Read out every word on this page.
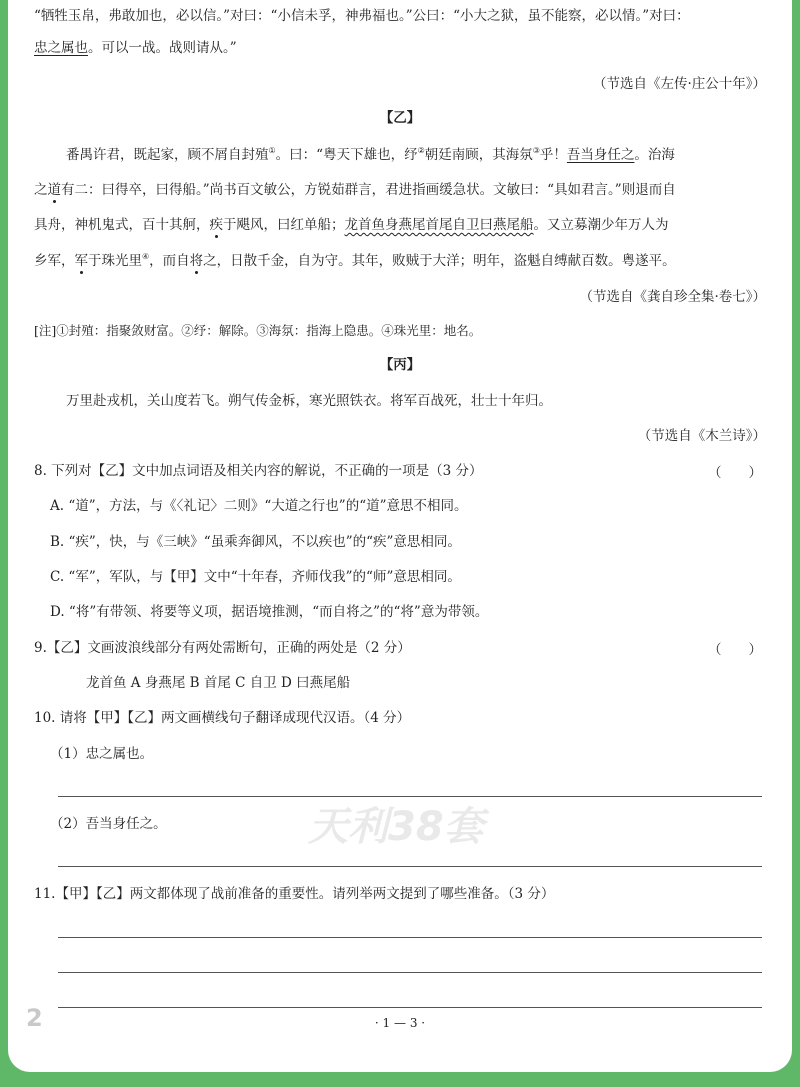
“牺牲玉帛，弗敢加也，必以信。”对曰：“小信未孚，神弗福也。”公曰：“小大之狱，虽不能察，必以情。”对曰：
忠之属也。可以一战。战则请从。”
（节选自《左传·庄公十年》）
【乙】
番禺许君，既起家，顾不屑自封殖①。曰：“粤天下雄也，纾②朝廷南顾，其海氛③乎！吾当身任之。治海
之道有二：曰得卒，曰得船。”尚书百文敏公，方锐茹群言，君进指画缓急状。文敏曰：“具如君言。”则退而自
具舟，神机鬼式，百十其舸，疾于飓风，曰红单船；龙首鱼身燕尾首尾自卫曰燕尾船。又立募潮少年万人为
乡军，军于珠光里④，而自将之，日散千金，自为守。其年，败贼于大洋；明年，盗魁自缚献百数。粤遂平。
（节选自《龚自珍全集·卷七》）
[注]①封殖：指聚敛财富。②纾：解除。③海氛：指海上隐患。④珠光里：地名。
【丙】
万里赴戎机，关山度若飞。朔气传金柝，寒光照铁衣。将军百战死，壮士十年归。
（节选自《木兰诗》）
8. 下列对【乙】文中加点词语及相关内容的解说，不正确的一项是（3 分）	（　　）
A. “道”，方法，与《〈礼记〉二则》“大道之行也”的“道”意思不相同。
B. “疾”，快，与《三峡》“虽乘奔御风，不以疾也”的“疾”意思相同。
C. “军”，军队，与【甲】文中“十年春，齐师伐我”的“师”意思相同。
D. “将”有带领、将要等义项，据语境推测，“而自将之”的“将”意为带领。
9.【乙】文画波浪线部分有两处需断句，正确的两处是（2 分）	（　　）
龙首鱼 A 身燕尾 B 首尾 C 自卫 D 曰燕尾船
10. 请将【甲】【乙】两文画横线句子翻译成现代汉语。（4 分）
（1）忠之属也。
（2）吾当身任之。	天利38套
11.【甲】【乙】两文都体现了战前准备的重要性。请列举两文提到了哪些准备。（3 分）
2	· 1 — 3 ·
